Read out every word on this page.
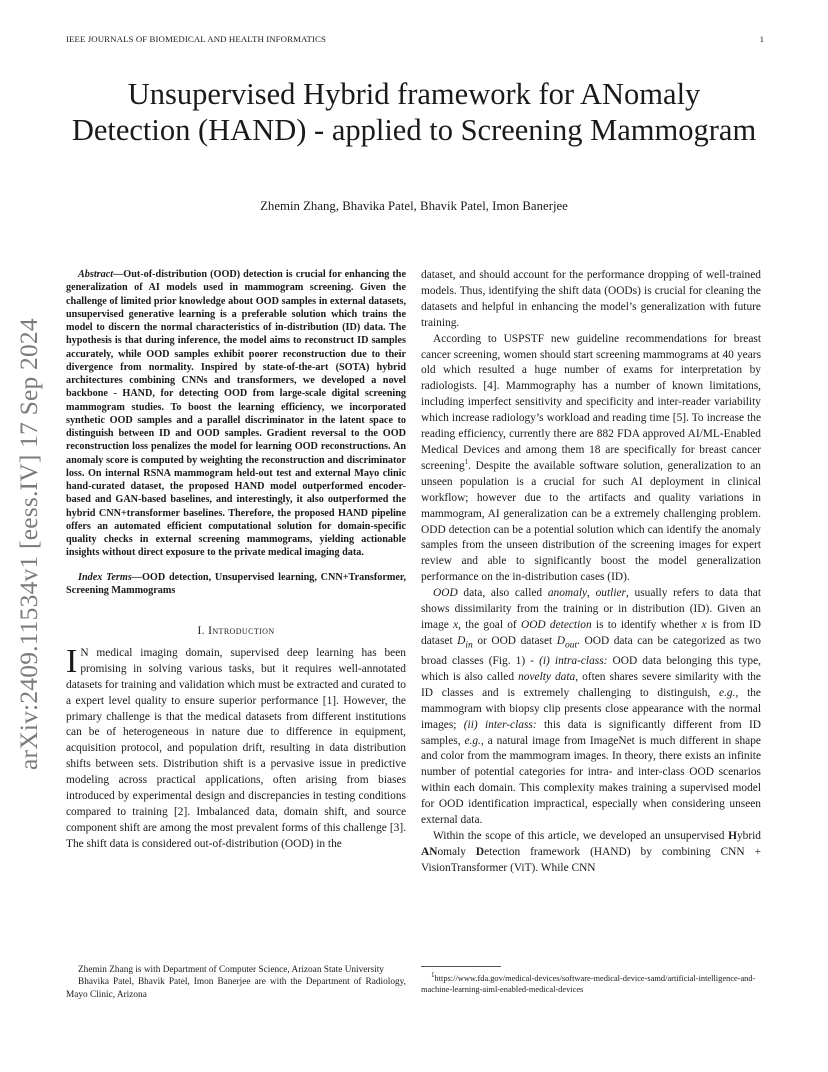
IEEE JOURNALS OF BIOMEDICAL AND HEALTH INFORMATICS	1
arXiv:2409.11534v1 [eess.IV] 17 Sep 2024
Unsupervised Hybrid framework for ANomaly Detection (HAND) - applied to Screening Mammogram
Zhemin Zhang, Bhavika Patel, Bhavik Patel, Imon Banerjee

Abstract—Out-of-distribution (OOD) detection is crucial for enhancing the generalization of AI models used in mammogram screening. Given the challenge of limited prior knowledge about OOD samples in external datasets, unsupervised generative learning is a preferable solution which trains the model to discern the normal characteristics of in-distribution (ID) data. The hypothesis is that during inference, the model aims to reconstruct ID samples accurately, while OOD samples exhibit poorer reconstruction due to their divergence from normality. Inspired by state-of-the-art (SOTA) hybrid architectures combining CNNs and transformers, we developed a novel backbone - HAND, for detecting OOD from large-scale digital screening mammogram studies. To boost the learning efficiency, we incorporated synthetic OOD samples and a parallel discriminator in the latent space to distinguish between ID and OOD samples. Gradient reversal to the OOD reconstruction loss penalizes the model for learning OOD reconstructions. An anomaly score is computed by weighting the reconstruction and discriminator loss. On internal RSNA mammogram held-out test and external Mayo clinic hand-curated dataset, the proposed HAND model outperformed encoder-based and GAN-based baselines, and interestingly, it also outperformed the hybrid CNN+transformer baselines. Therefore, the proposed HAND pipeline offers an automated efficient computational solution for domain-specific quality checks in external screening mammograms, yielding actionable insights without direct exposure to the private medical imaging data.

Index Terms—OOD detection, Unsupervised learning, CNN+Transformer, Screening Mammograms

I. Introduction

I N medical imaging domain, supervised deep learning has been promising in solving various tasks, but it requires well-annotated datasets for training and validation which must be extracted and curated to a expert level quality to ensure superior performance [1]. However, the primary challenge is that the medical datasets from different institutions can be of heterogeneous in nature due to difference in equipment, acquisition protocol, and population drift, resulting in data distribution shifts between sets. Distribution shift is a pervasive issue in predictive modeling across practical applications, often arising from biases introduced by experimental design and discrepancies in testing conditions compared to training [2]. Imbalanced data, domain shift, and source component shift are among the most prevalent forms of this challenge [3]. The shift data is considered out-of-distribution (OOD) in the

dataset, and should account for the performance dropping of well-trained models. Thus, identifying the shift data (OODs) is crucial for cleaning the datasets and helpful in enhancing the model’s generalization with future training.

According to USPSTF new guideline recommendations for breast cancer screening, women should start screening mammograms at 40 years old which resulted a huge number of exams for interpretation by radiologists. [4]. Mammography has a number of known limitations, including imperfect sensitivity and specificity and inter-reader variability which increase radiology’s workload and reading time [5]. To increase the reading efficiency, currently there are 882 FDA approved AI/ML-Enabled Medical Devices and among them 18 are specifically for breast cancer screening$^1$. Despite the available software solution, generalization to an unseen population is a crucial for such AI deployment in clinical workflow; however due to the artifacts and quality variations in mammogram, AI generalization can be a extremely challenging problem. ODD detection can be a potential solution which can identify the anomaly samples from the unseen distribution of the screening images for expert review and able to significantly boost the model generalization performance on the in-distribution cases (ID).

OOD data, also called anomaly, outlier, usually refers to data that shows dissimilarity from the training or in distribution (ID). Given an image x, the goal of OOD detection is to identify whether x is from ID dataset $D_{in}$ or OOD dataset $D_{out}$. OOD data can be categorized as two broad classes (Fig. 1) - (i) intra-class: OOD data belonging this type, which is also called novelty data, often shares severe similarity with the ID classes and is extremely challenging to distinguish, e.g., the mammogram with biopsy clip presents close appearance with the normal images; (ii) inter-class: this data is significantly different from ID samples, e.g., a natural image from ImageNet is much different in shape and color from the mammogram images. In theory, there exists an infinite number of potential categories for intra- and inter-class OOD scenarios within each domain. This complexity makes training a supervised model for OOD identification impractical, especially when considering unseen external data.

Within the scope of this article, we developed an unsupervised Hybrid ANomaly Detection framework (HAND) by combining CNN + VisionTransformer (ViT). While CNN

Zhemin Zhang is with Department of Computer Science, Arizoan State University

Bhavika Patel, Bhavik Patel, Imon Banerjee are with the Department of Radiology, Mayo Clinic, Arizona

$^1$https://www.fda.gov/medical-devices/software-medical-device-samd/artificial-intelligence-and-machine-learning-aiml-enabled-medical-devices
